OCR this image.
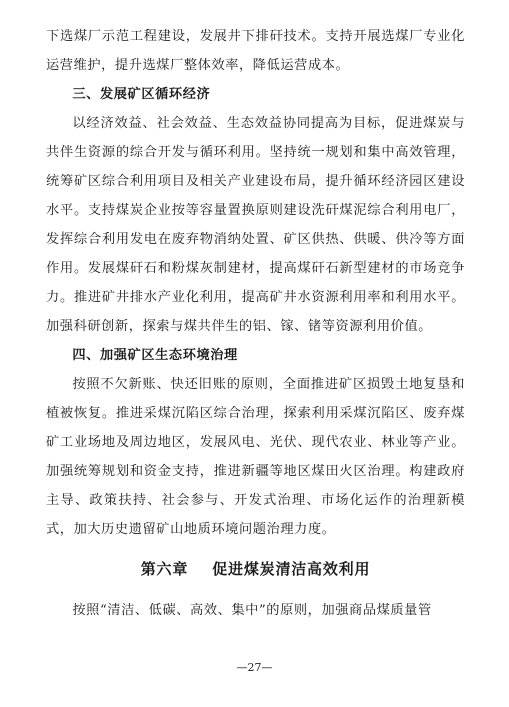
下选煤厂示范工程建设，发展井下排矸技术。支持开展选煤厂专业化运营维护，提升选煤厂整体效率，降低运营成本。

三、发展矿区循环经济

以经济效益、社会效益、生态效益协同提高为目标，促进煤炭与共伴生资源的综合开发与循环利用。坚持统一规划和集中高效管理，统筹矿区综合利用项目及相关产业建设布局，提升循环经济园区建设水平。支持煤炭企业按等容量置换原则建设洗矸煤泥综合利用电厂，发挥综合利用发电在废弃物消纳处置、矿区供热、供暖、供冷等方面作用。发展煤矸石和粉煤灰制建材，提高煤矸石新型建材的市场竞争力。推进矿井排水产业化利用，提高矿井水资源利用率和利用水平。加强科研创新，探索与煤共伴生的铝、镓、锗等资源利用价值。

四、加强矿区生态环境治理

按照不欠新账、快还旧账的原则，全面推进矿区损毁土地复垦和植被恢复。推进采煤沉陷区综合治理，探索利用采煤沉陷区、废弃煤矿工业场地及周边地区，发展风电、光伏、现代农业、林业等产业。加强统筹规划和资金支持，推进新疆等地区煤田火区治理。构建政府主导、政策扶持、社会参与、开发式治理、市场化运作的治理新模式，加大历史遗留矿山地质环境问题治理力度。

第六章    促进煤炭清洁高效利用

按照“清洁、低碳、高效、集中”的原则，加强商品煤质量管

—27—
